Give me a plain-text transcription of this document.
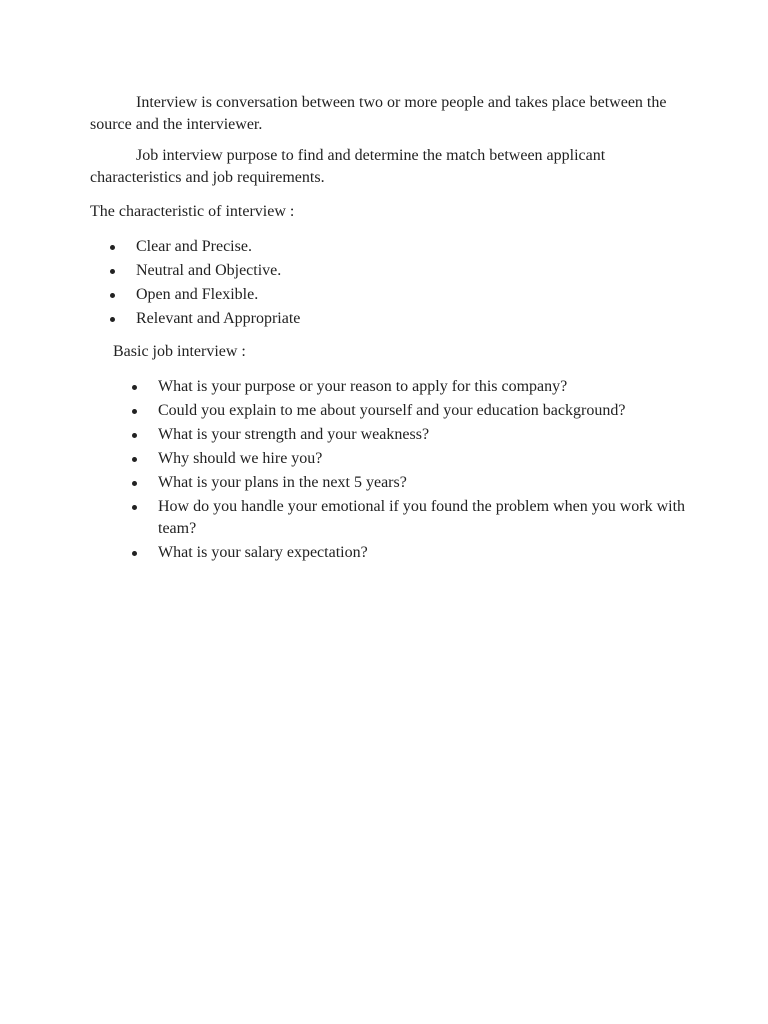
Interview is conversation between two or more people and takes place between the source and the interviewer.

Job interview purpose to find and determine the match between applicant characteristics and job requirements.

The characteristic of interview :

Clear and Precise.
Neutral and Objective.
Open and Flexible.
Relevant and Appropriate

Basic job interview :

What is your purpose or your reason to apply for this company?
Could you explain to me about yourself and your education background?
What is your strength and your weakness?
Why should we hire you?
What is your plans in the next 5 years?
How do you handle your emotional if you found the problem when you work with team?
What is your salary expectation?
